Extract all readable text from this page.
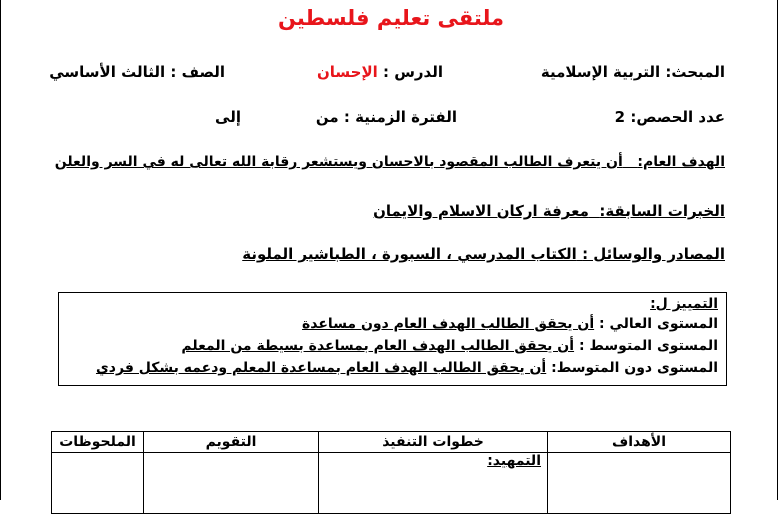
ملتقى تعليم فلسطين
المبحث: التربية الإسلامية
الدرس : الإحسان
الصف : الثالث الأساسي
عدد الحصص: 2
الفترة الزمنية : من
إلى
الهدف العام:   أن يتعرف الطالب المقصود بالاحسان ويستشعر رقابة الله تعالى له في السر والعلن
الخبرات السابقة:  معرفة اركان الاسلام والايمان
المصادر والوسائل : الكتاب المدرسي ، السبورة ، الطباشير الملونة
التمييز ل:
المستوى العالي : أن يحقق الطالب الهدف العام دون مساعدة
المستوى المتوسط : أن يحقق الطالب الهدف العام بمساعدة بسيطة من المعلم
المستوى دون المتوسط: أن يحقق الطالب الهدف العام بمساعدة المعلم ودعمه بشكل فردي
الأهداف	خطوات التنفيذ	التقويم	الملحوظات
	التمهيد:		
